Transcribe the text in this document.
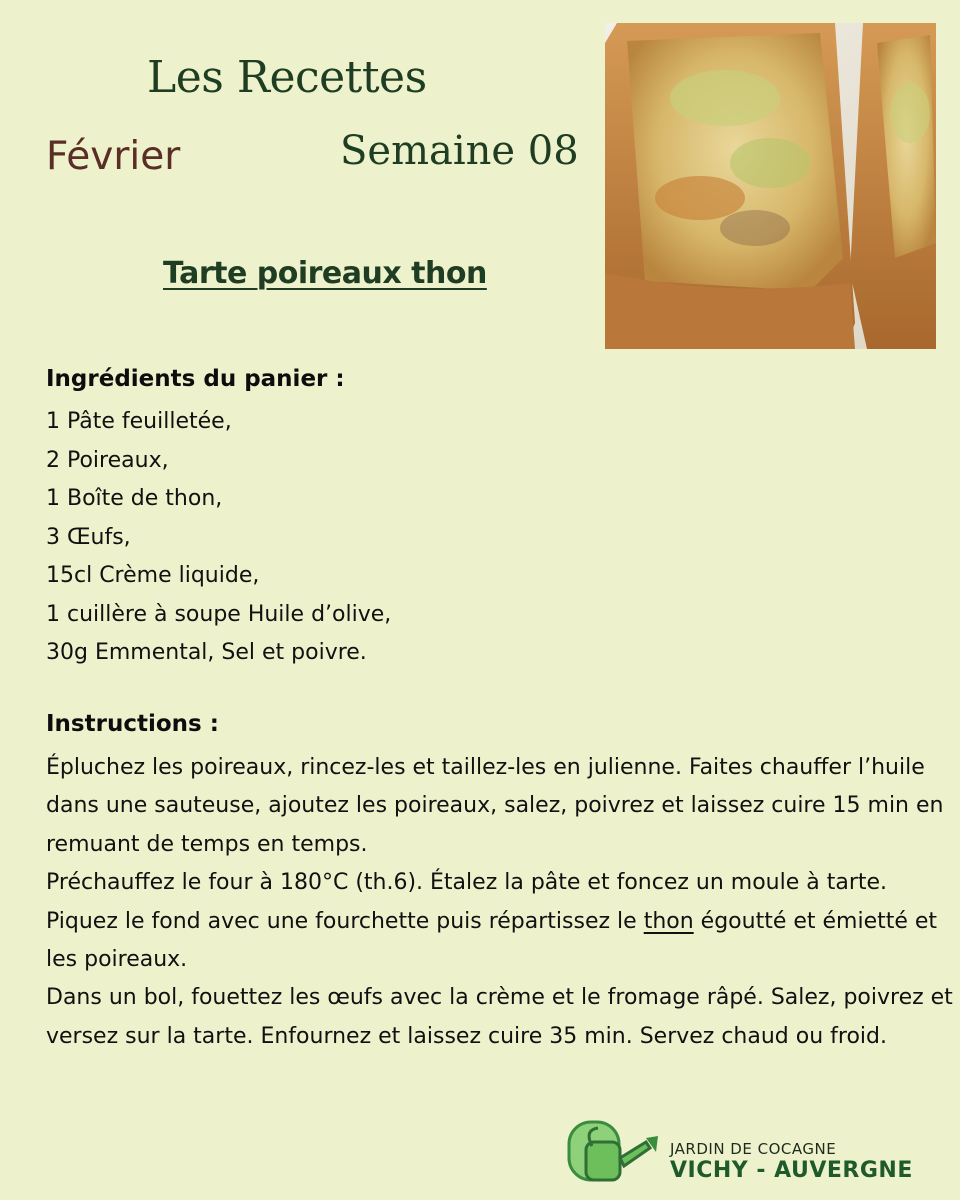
Les Recettes
Février	Semaine 08
Tarte poireaux thon
Ingrédients du panier :
1 Pâte feuilletée,
2 Poireaux,
1 Boîte de thon,
3 Œufs,
15cl Crème liquide,
1 cuillère à soupe Huile d’olive,
30g Emmental, Sel et poivre.
Instructions :

Épluchez les poireaux, rincez-les et taillez-les en julienne. Faites chauffer l’huile dans une sauteuse, ajoutez les poireaux, salez, poivrez et laissez cuire 15 min en remuant de temps en temps.

Préchauffez le four à 180°C (th.6). Étalez la pâte et foncez un moule à tarte. Piquez le fond avec une fourchette puis répartissez le thon égoutté et émietté et les poireaux.

Dans un bol, fouettez les œufs avec la crème et le fromage râpé. Salez, poivrez et versez sur la tarte. Enfournez et laissez cuire 35 min. Servez chaud ou froid.

JARDIN DE COCAGNE
VICHY - AUVERGNE
